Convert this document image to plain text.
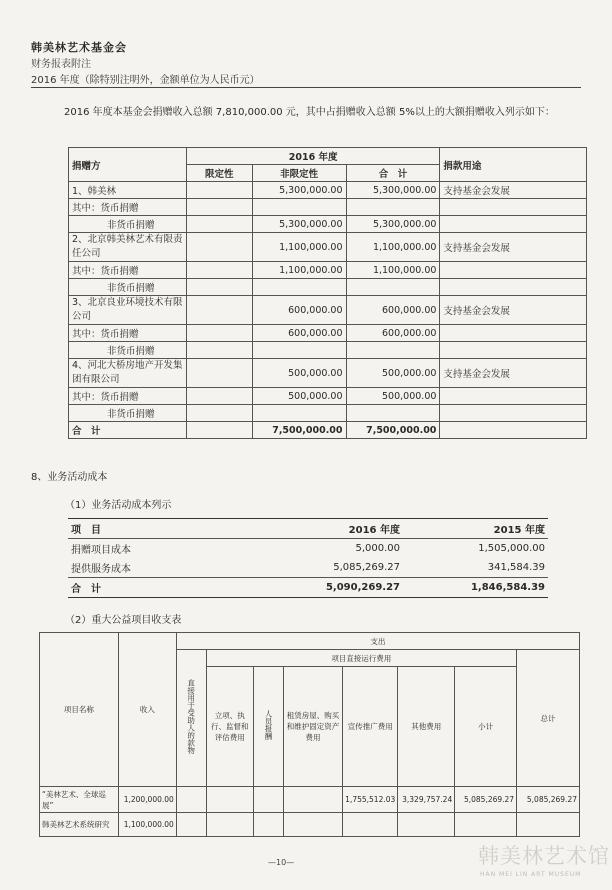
韩美林艺术基金会
财务报表附注
2016 年度（除特别注明外，金额单位为人民币元）
2016 年度本基金会捐赠收入总额 7,810,000.00 元，其中占捐赠收入总额 5%以上的大额捐赠收入列示如下：
捐赠方	2016 年度			捐款用途
	限定性	非限定性	合　计	
1、韩美林		5,300,000.00	5,300,000.00	支持基金会发展
其中：货币捐赠				
非货币捐赠		5,300,000.00	5,300,000.00	
2、北京韩美林艺术有限责任公司		1,100,000.00	1,100,000.00	支持基金会发展
其中：货币捐赠		1,100,000.00	1,100,000.00	
非货币捐赠				
3、北京良业环境技术有限公司		600,000.00	600,000.00	支持基金会发展
其中：货币捐赠		600,000.00	600,000.00	
非货币捐赠				
4、河北大桥房地产开发集团有限公司		500,000.00	500,000.00	支持基金会发展
其中：货币捐赠		500,000.00	500,000.00	
非货币捐赠				
合　计		7,500,000.00	7,500,000.00	
8、业务活动成本
（1）业务活动成本列示
项　目	2016 年度	2015 年度
捐赠项目成本	5,000.00	1,505,000.00
提供服务成本	5,085,269.27	341,584.39
合　计	5,090,269.27	1,846,584.39
（2）重大公益项目收支表
项目名称	收入	支出							
		直接用于受助人的款物	项目直接运行费用						总计
			立项、执行、监督和评估费用	人员报酬	租赁房屋、购买和维护固定资产费用	宣传推广费用	其他费用	小计	
“美林艺术、全球巡展”	1,200,000.00					1,755,512.03	3,329,757.24	5,085,269.27	5,085,269.27
韩美林艺术系统研究	1,100,000.00								
—10—	韩美林艺术馆
HAN MEI LIN ART MUSEUM
